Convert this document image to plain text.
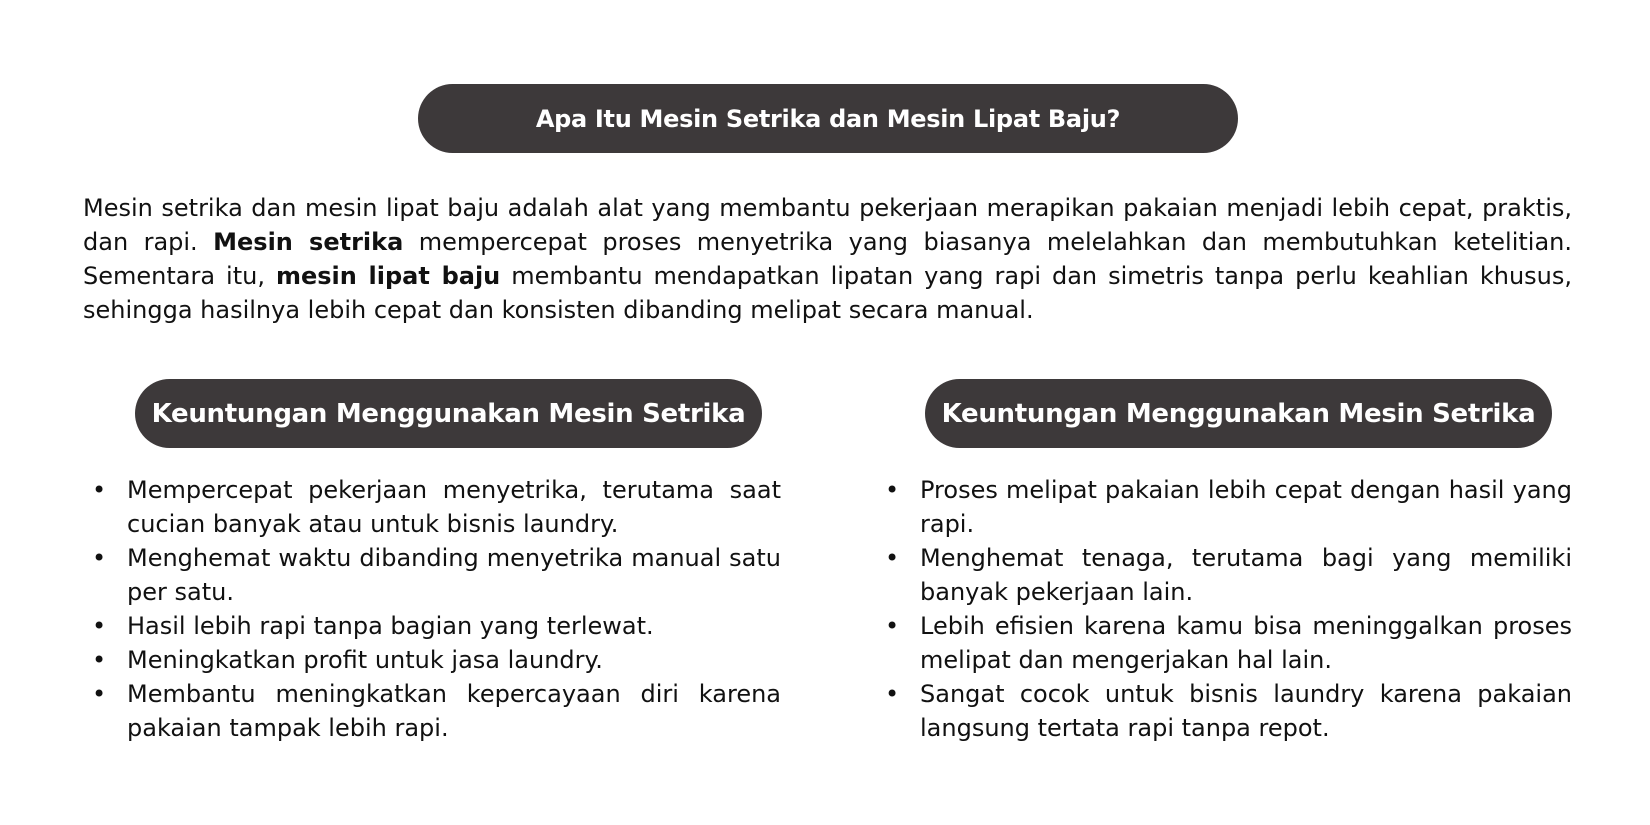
Apa Itu Mesin Setrika dan Mesin Lipat Baju?

Mesin setrika dan mesin lipat baju adalah alat yang membantu pekerjaan merapikan pakaian menjadi lebih cepat, praktis, dan rapi. Mesin setrika mempercepat proses menyetrika yang biasanya melelahkan dan membutuhkan ketelitian. Sementara itu, mesin lipat baju membantu mendapatkan lipatan yang rapi dan simetris tanpa perlu keahlian khusus, sehingga hasilnya lebih cepat dan konsisten dibanding melipat secara manual.

Keuntungan Menggunakan Mesin Setrika	Keuntungan Menggunakan Mesin Setrika
• Mempercepat pekerjaan menyetrika, terutama saat cucian banyak atau untuk bisnis laundry.
• Menghemat waktu dibanding menyetrika manual satu per satu.
• Hasil lebih rapi tanpa bagian yang terlewat.
• Meningkatkan profit untuk jasa laundry.
• Membantu meningkatkan kepercayaan diri karena pakaian tampak lebih rapi.
• Proses melipat pakaian lebih cepat dengan hasil yang rapi.
• Menghemat tenaga, terutama bagi yang memiliki banyak pekerjaan lain.
• Lebih efisien karena kamu bisa meninggalkan proses melipat dan mengerjakan hal lain.
• Sangat cocok untuk bisnis laundry karena pakaian langsung tertata rapi tanpa repot.
